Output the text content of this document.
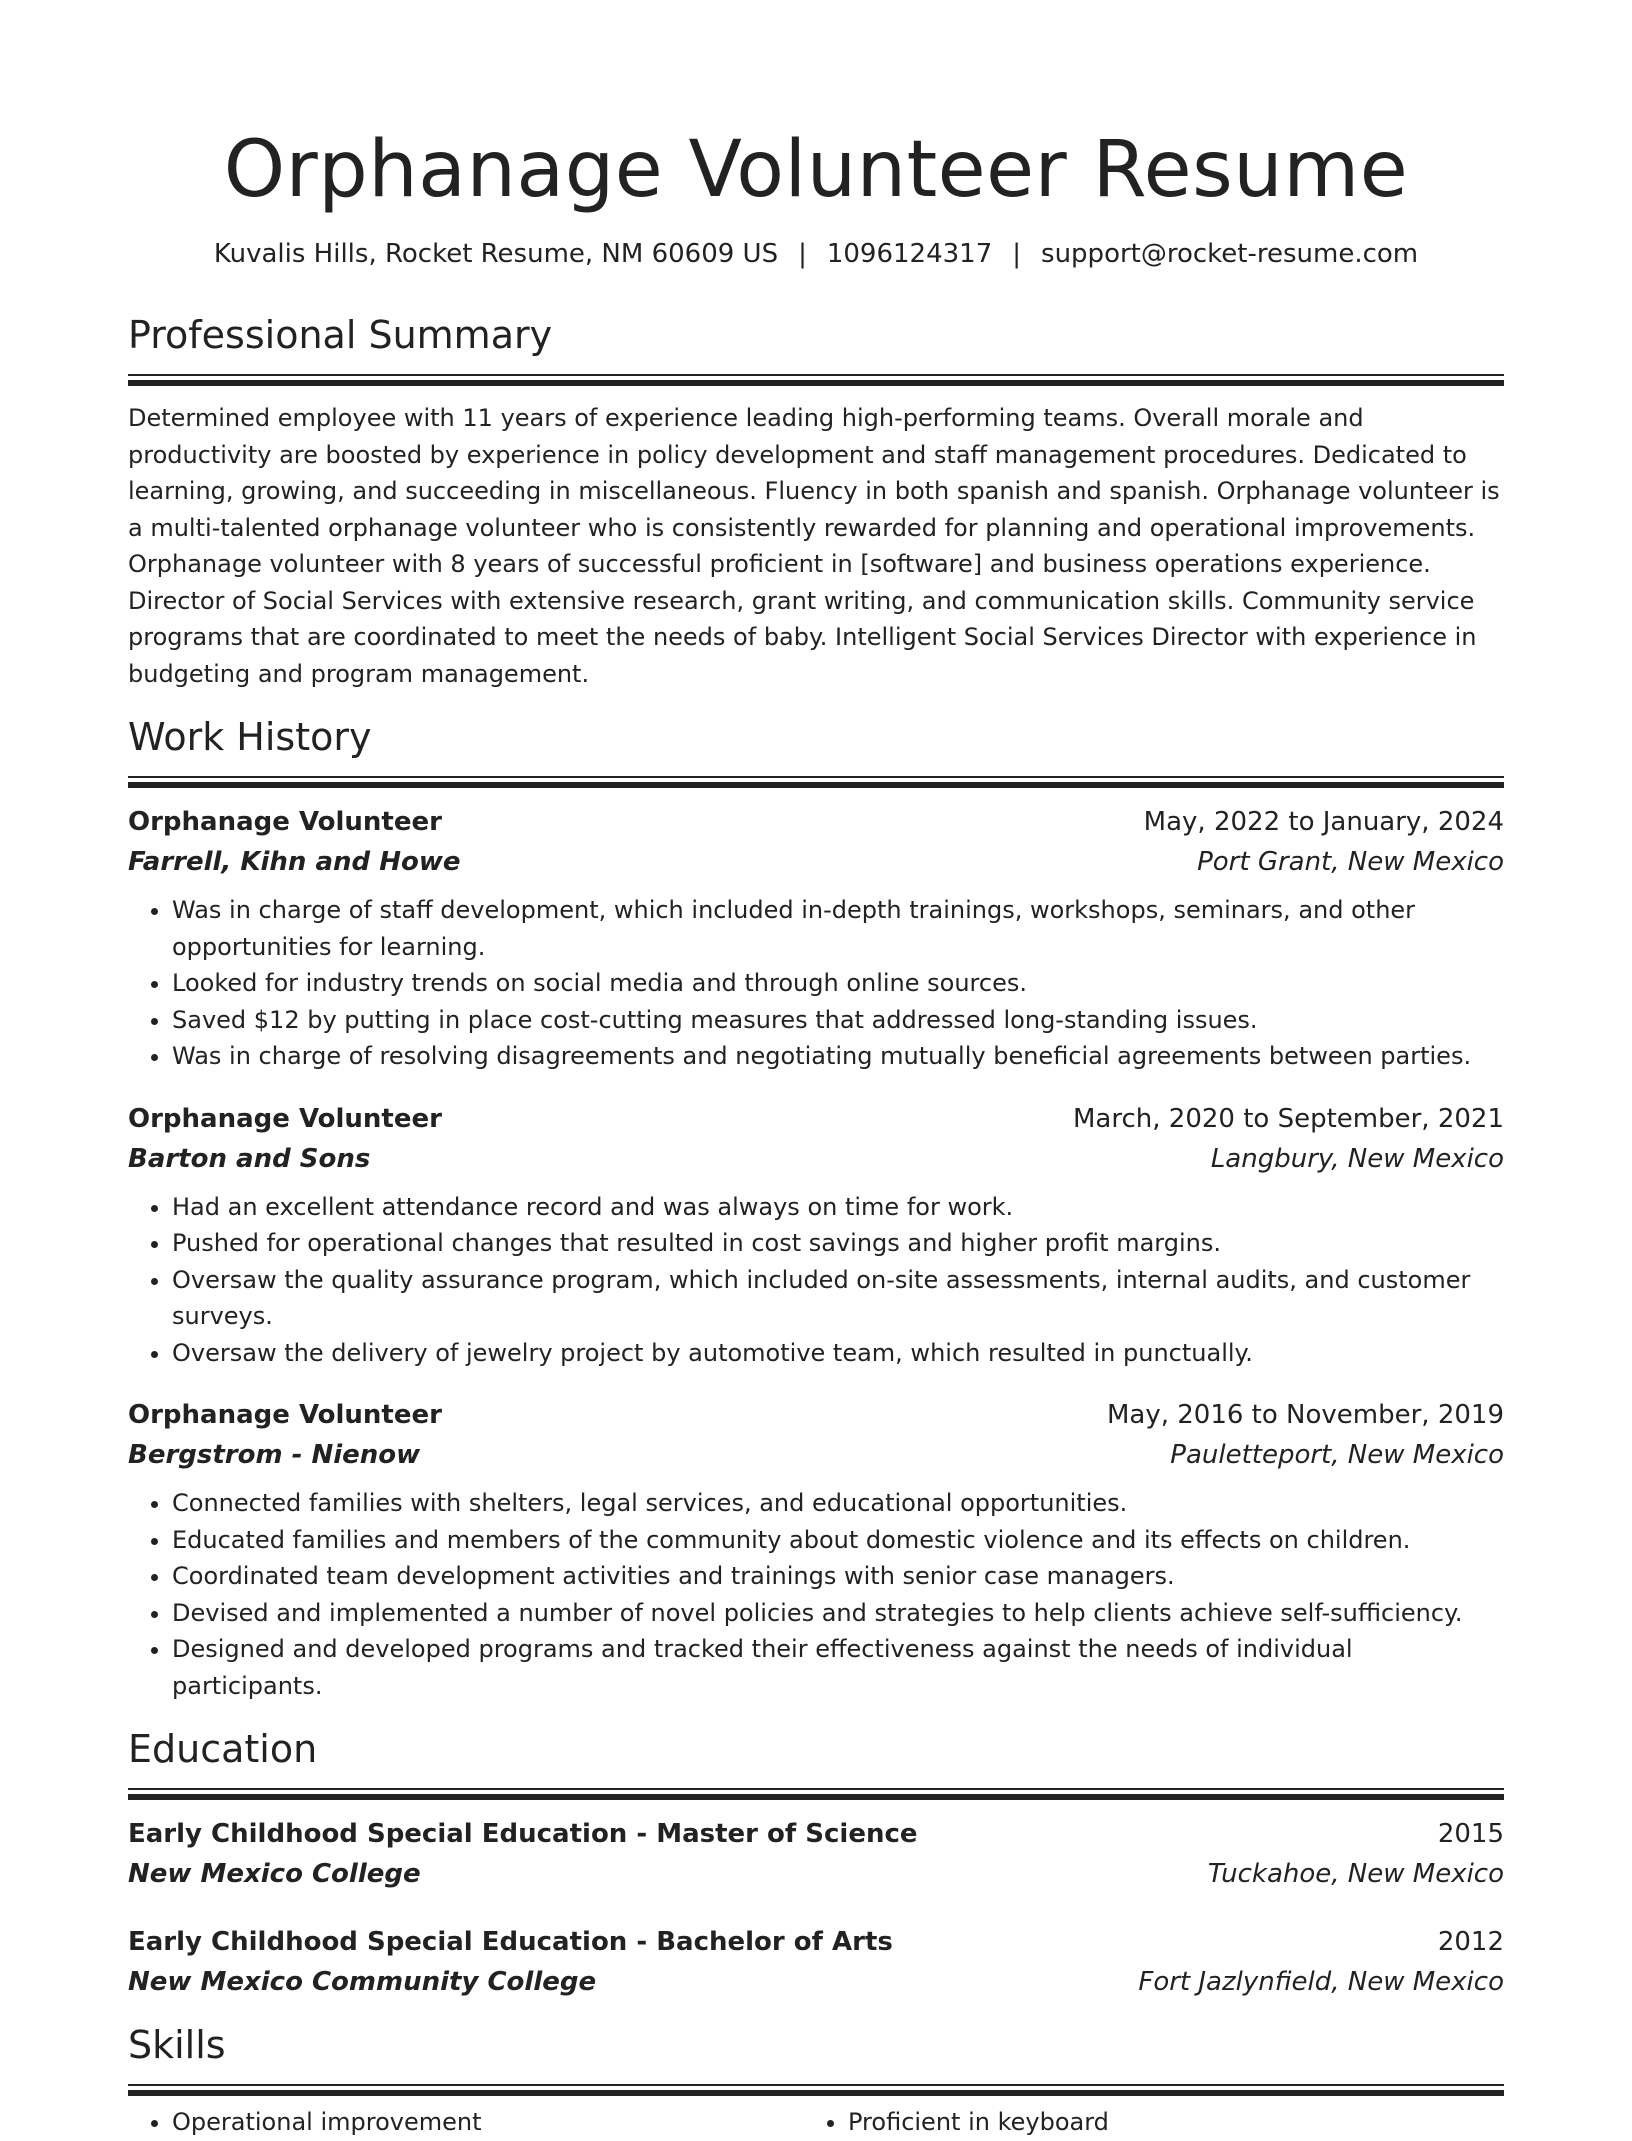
Orphanage Volunteer Resume
Kuvalis Hills, Rocket Resume, NM 60609 US | 1096124317 | support@rocket-resume.com
Professional Summary

Determined employee with 11 years of experience leading high-performing teams. Overall morale and productivity are boosted by experience in policy development and staff management procedures. Dedicated to learning, growing, and succeeding in miscellaneous. Fluency in both spanish and spanish. Orphanage volunteer is a multi-talented orphanage volunteer who is consistently rewarded for planning and operational improvements. Orphanage volunteer with 8 years of successful proficient in [software] and business operations experience. Director of Social Services with extensive research, grant writing, and communication skills. Community service programs that are coordinated to meet the needs of baby. Intelligent Social Services Director with experience in budgeting and program management.

Work History
Orphanage Volunteer	May, 2022 to January, 2024
Farrell, Kihn and Howe	Port Grant, New Mexico
• Was in charge of staff development, which included in-depth trainings, workshops, seminars, and other opportunities for learning.
• Looked for industry trends on social media and through online sources.
• Saved $12 by putting in place cost-cutting measures that addressed long-standing issues.
• Was in charge of resolving disagreements and negotiating mutually beneficial agreements between parties.
Orphanage Volunteer	March, 2020 to September, 2021
Barton and Sons	Langbury, New Mexico
• Had an excellent attendance record and was always on time for work.
• Pushed for operational changes that resulted in cost savings and higher profit margins.
• Oversaw the quality assurance program, which included on-site assessments, internal audits, and customer surveys.
• Oversaw the delivery of jewelry project by automotive team, which resulted in punctually.
Orphanage Volunteer	May, 2016 to November, 2019
Bergstrom - Nienow	Pauletteport, New Mexico
• Connected families with shelters, legal services, and educational opportunities.
• Educated families and members of the community about domestic violence and its effects on children.
• Coordinated team development activities and trainings with senior case managers.
• Devised and implemented a number of novel policies and strategies to help clients achieve self-sufficiency.
• Designed and developed programs and tracked their effectiveness against the needs of individual participants.
Education
Early Childhood Special Education - Master of Science	2015
New Mexico College	Tuckahoe, New Mexico
Early Childhood Special Education - Bachelor of Arts	2012
New Mexico Community College	Fort Jazlynfield, New Mexico
Skills
• Operational improvement
•	Proficient in keyboard
